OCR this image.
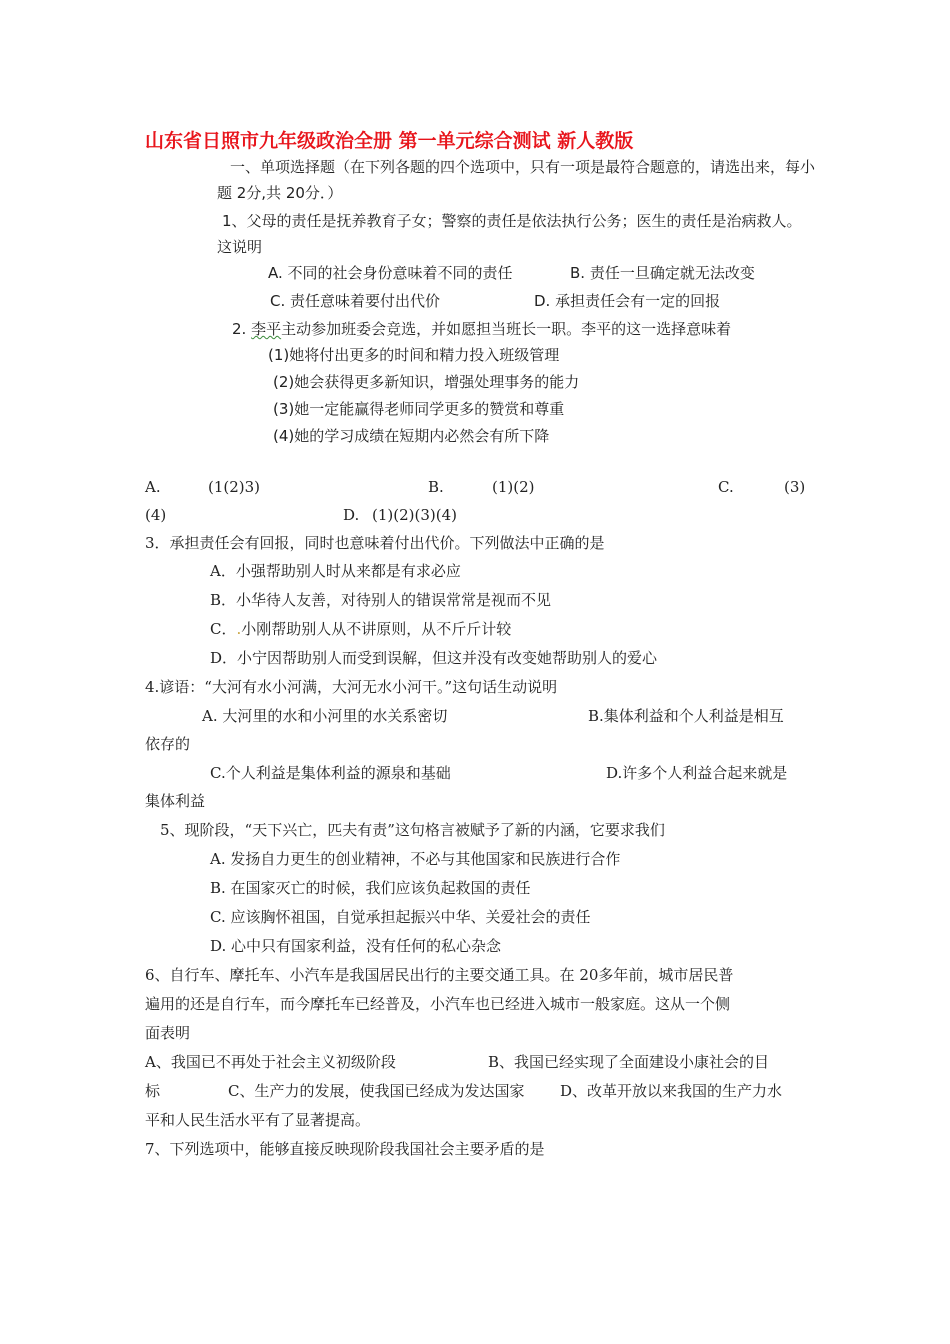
山东省日照市九年级政治全册 第一单元综合测试 新人教版
一、单项选择题（在下列各题的四个选项中，只有一项是最符合题意的，请选出来，每小
题 2分,共 20分．）
1、父母的责任是抚养教育子女；警察的责任是依法执行公务；医生的责任是治病救人。
这说明
A. 不同的社会身份意味着不同的责任	B. 责任一旦确定就无法改变
C. 责任意味着要付出代价	D. 承担责任会有一定的回报
2. 李平主动参加班委会竞选，并如愿担当班长一职。李平的这一选择意味着
(1)她将付出更多的时间和精力投入班级管理
(2)她会获得更多新知识，增强处理事务的能力
(3)她一定能赢得老师同学更多的赞赏和尊重
(4)她的学习成绩在短期内必然会有所下降
A.	(1(2)3)	B.	(1)(2)	C.	(3)
(4)	D. (1)(2)(3)(4)
3．承担责任会有回报，同时也意味着付出代价。下列做法中正确的是
A．小强帮助别人时从来都是有求必应
B．小华待人友善，对待别人的错误常常是视而不见
C．.小刚帮助别人从不讲原则，从不斤斤计较
D．小宁因帮助别人而受到误解，但这并没有改变她帮助别人的爱心
4.谚语：“大河有水小河满，大河无水小河干。”这句话生动说明
A. 大河里的水和小河里的水关系密切	B.集体利益和个人利益是相互
依存的
C.个人利益是集体利益的源泉和基础	D.许多个人利益合起来就是
集体利益
5、现阶段，“天下兴亡，匹夫有责”这句格言被赋予了新的内涵，它要求我们
A. 发扬自力更生的创业精神，不必与其他国家和民族进行合作
B. 在国家灭亡的时候，我们应该负起救国的责任
C. 应该胸怀祖国，自觉承担起振兴中华、关爱社会的责任
D. 心中只有国家利益，没有任何的私心杂念
6、自行车、摩托车、小汽车是我国居民出行的主要交通工具。在 20多年前，城市居民普
遍用的还是自行车，而今摩托车已经普及，小汽车也已经进入城市一般家庭。这从一个侧
面表明
A、我国已不再处于社会主义初级阶段	B、我国已经实现了全面建设小康社会的目
标	C、生产力的发展，使我国已经成为发达国家 D、改革开放以来我国的生产力水
平和人民生活水平有了显著提高。
7、下列选项中，能够直接反映现阶段我国社会主要矛盾的是
